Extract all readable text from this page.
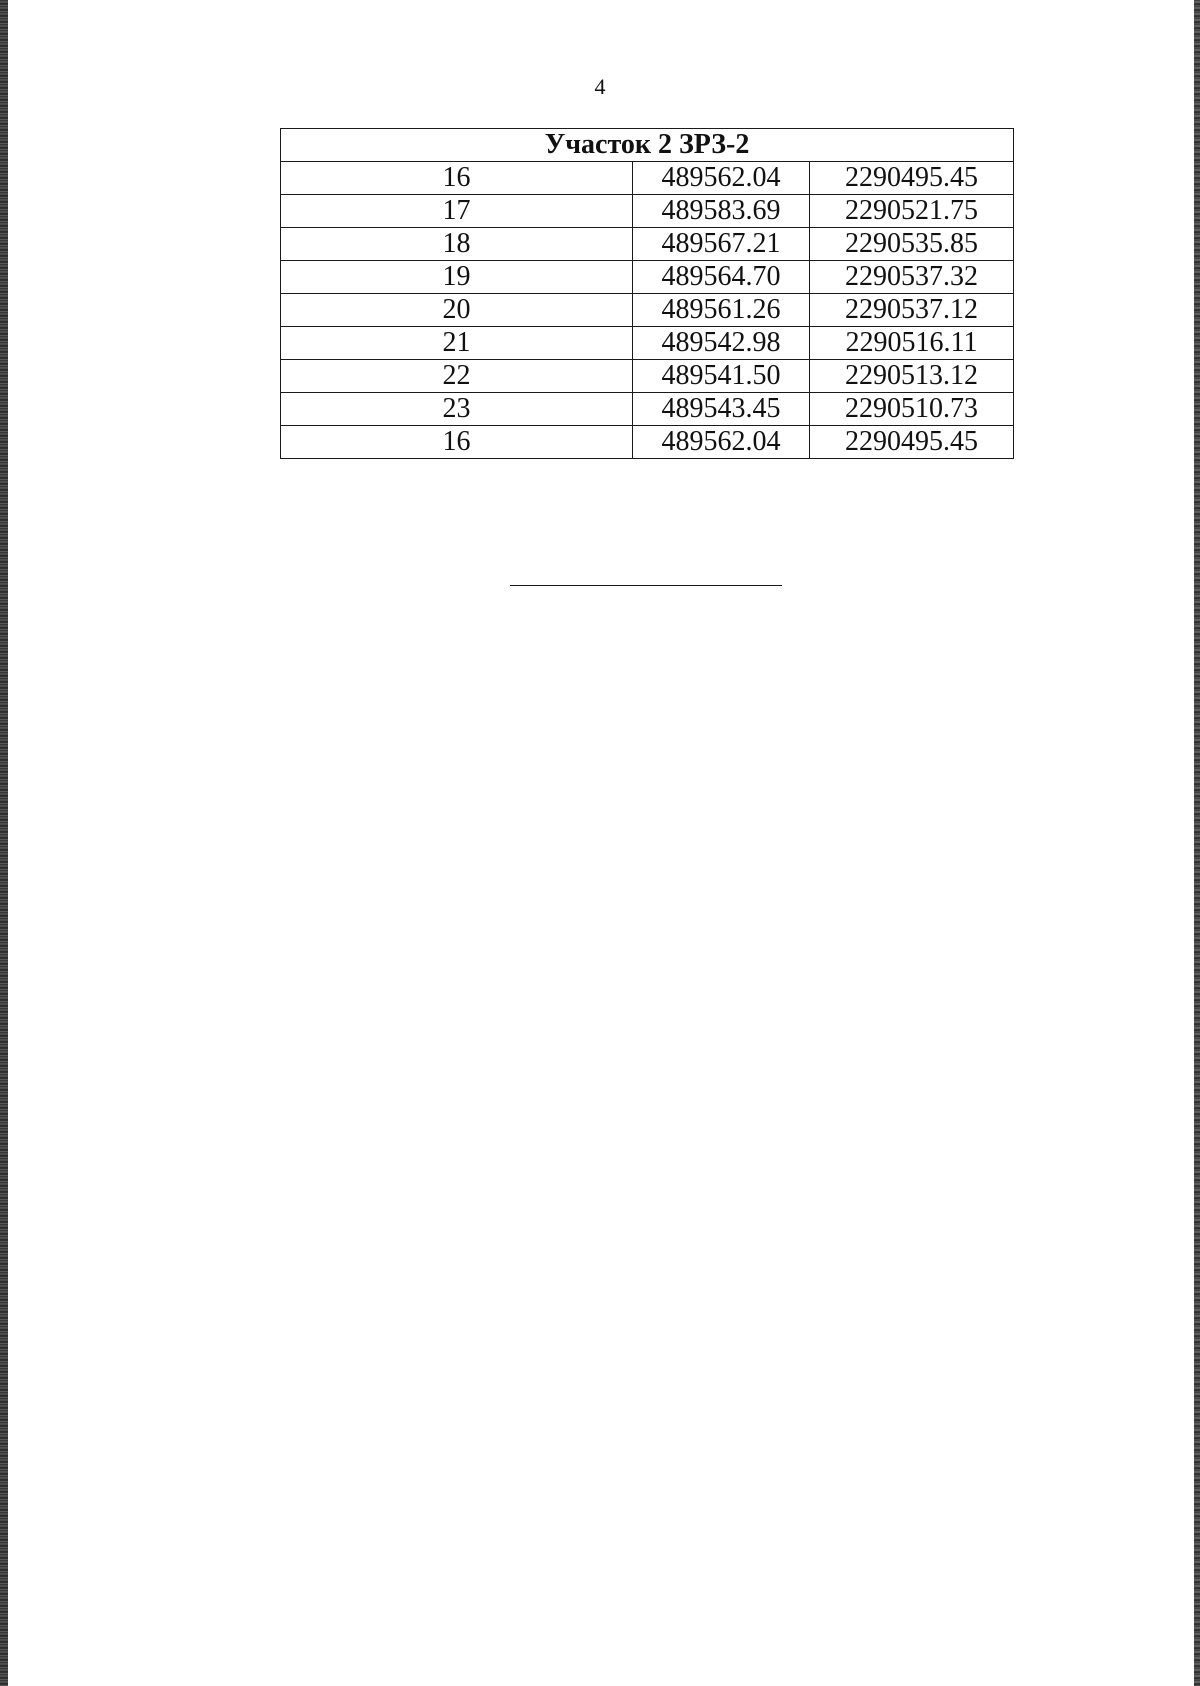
4
Участок 2 ЗРЗ-2		
16	489562.04	2290495.45
17	489583.69	2290521.75
18	489567.21	2290535.85
19	489564.70	2290537.32
20	489561.26	2290537.12
21	489542.98	2290516.11
22	489541.50	2290513.12
23	489543.45	2290510.73
16	489562.04	2290495.45
